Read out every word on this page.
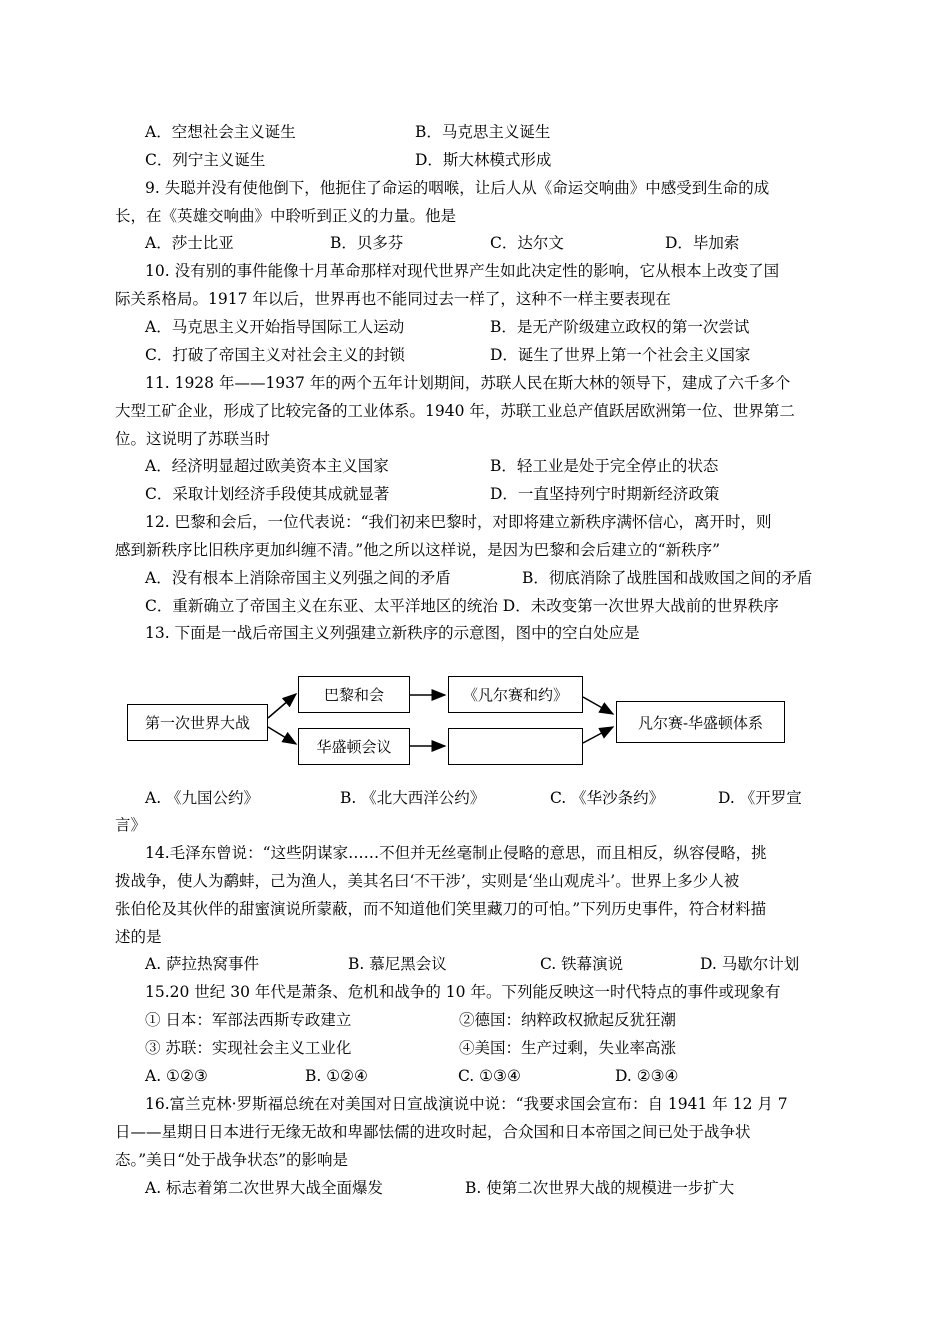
A．空想社会主义诞生	B．马克思主义诞生
C．列宁主义诞生	D．斯大林模式形成
9. 失聪并没有使他倒下，他扼住了命运的咽喉，让后人从《命运交响曲》中感受到生命的成
长，在《英雄交响曲》中聆听到正义的力量。他是
A．莎士比亚	B．贝多芬	C．达尔文	D．毕加索
10. 没有别的事件能像十月革命那样对现代世界产生如此决定性的影响，它从根本上改变了国
际关系格局。1917 年以后，世界再也不能同过去一样了，这种不一样主要表现在
A．马克思主义开始指导国际工人运动	B．是无产阶级建立政权的第一次尝试
C．打破了帝国主义对社会主义的封锁	D．诞生了世界上第一个社会主义国家
11. 1928 年——1937 年的两个五年计划期间，苏联人民在斯大林的领导下，建成了六千多个
大型工矿企业，形成了比较完备的工业体系。1940 年，苏联工业总产值跃居欧洲第一位、世界第二
位。这说明了苏联当时
A．经济明显超过欧美资本主义国家	B．轻工业是处于完全停止的状态
C．采取计划经济手段使其成就显著	D．一直坚持列宁时期新经济政策
12. 巴黎和会后，一位代表说：“我们初来巴黎时，对即将建立新秩序满怀信心，离开时，则
感到新秩序比旧秩序更加纠缠不清。”他之所以这样说，是因为巴黎和会后建立的“新秩序”
A．没有根本上消除帝国主义列强之间的矛盾	B．彻底消除了战胜国和战败国之间的矛盾
C．重新确立了帝国主义在东亚、太平洋地区的统治 D．未改变第一次世界大战前的世界秩序
13. 下面是一战后帝国主义列强建立新秩序的示意图，图中的空白处应是
第一次世界大战
巴黎和会	《凡尔赛和约》
华盛顿会议
凡尔赛-华盛顿体系
A. 《九国公约》	B. 《北大西洋公约》	C. 《华沙条约》	D. 《开罗宣
言》
14.毛泽东曾说：“这些阴谋家……不但并无丝毫制止侵略的意思，而且相反，纵容侵略，挑
拨战争，使人为鹬蚌，己为渔人，美其名曰‘不干涉’，实则是‘坐山观虎斗’。世界上多少人被
张伯伦及其伙伴的甜蜜演说所蒙蔽，而不知道他们笑里藏刀的可怕。”下列历史事件，符合材料描
述的是
A. 萨拉热窝事件	B. 慕尼黑会议	C. 铁幕演说	D. 马歇尔计划
15.20 世纪 30 年代是萧条、危机和战争的 10 年。下列能反映这一时代特点的事件或现象有
① 日本：军部法西斯专政建立	②德国：纳粹政权掀起反犹狂潮
③ 苏联：实现社会主义工业化	④美国：生产过剩，失业率高涨
A. ①②③	B. ①②④	C. ①③④	D. ②③④
16.富兰克林·罗斯福总统在对美国对日宣战演说中说：“我要求国会宣布：自 1941 年 12 月 7
日——星期日日本进行无缘无故和卑鄙怯儒的进攻时起，合众国和日本帝国之间已处于战争状
态。”美日“处于战争状态”的影响是
A. 标志着第二次世界大战全面爆发	B. 使第二次世界大战的规模进一步扩大
